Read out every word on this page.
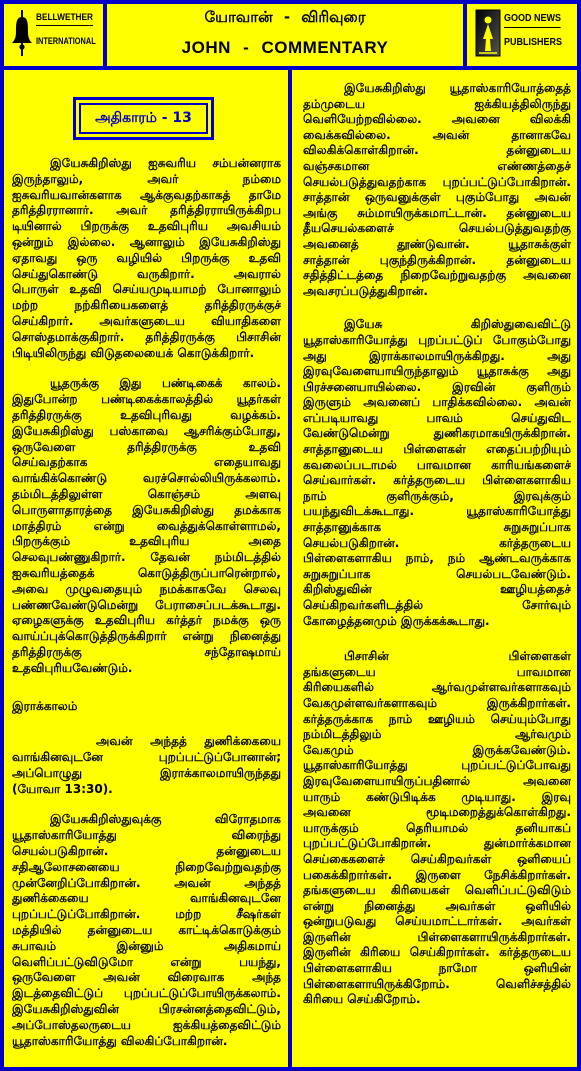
BELLWETHER
INTERNATIONAL
யோவான் - விரிவுரை
JOHN - COMMENTARY
GOOD NEWS
PUBLISHERS
அதிகாரம் - 13
இயேசுகிறிஸ்து ஐசுவரிய சம்பன்னராக
இருந்தாலும், அவர் நம்மை
ஐசுவரியவான்களாக ஆக்குவதற்காகத் தாமே
தரித்திரரானார். அவர் தரித்திரராயிருக்கிறப
டியினால் பிறருக்கு உதவிபுரிய அவசியம்
ஒன்றும் இல்லை. ஆனாலும் இயேசுகிறிஸ்து
ஏதாவது ஒரு வழியில் பிறருக்கு உதவி
செய்துகொண்டு வருகிறார். அவரால்
பொருள் உதவி செய்யமுடியாமற் போனாலும்
மற்ற நற்கிரியைகளைத் தரித்திரருக்குச்
செய்கிறார். அவர்களுடைய வியாதிகளை
சொஸ்தமாக்குகிறார். தரித்திரருக்கு பிசாசின்
பிடியிலிருந்து விடுதலையைக் கொடுக்கிறார்.
யூதருக்கு இது பண்டிகைக் காலம்.
இதுபோன்ற பண்டிகைக்காலத்தில் யூதர்கள்
தரித்திரருக்கு உதவிபுரிவது வழக்கம்.
இயேசுகிறிஸ்து பஸ்காவை ஆசரிக்கும்போது,
ஒருவேளை தரித்திரருக்கு உதவி
செய்வதற்காக எதையாவது
வாங்கிக்கொண்டு வரச்சொல்லியிருக்கலாம்.
தம்மிடத்திலுள்ள கொஞ்சம் அளவு
பொருளாதாரத்தை இயேசுகிறிஸ்து தமக்காக
மாத்திரம் என்று வைத்துக்கொள்ளாமல்,
பிறருக்கும் உதவிபுரிய அதை
செலவுபண்ணுகிறார். தேவன் நம்மிடத்தில்
ஐசுவரியத்தைக் கொடுத்திருப்பாரென்றால்,
அவை முழுவதையும் நமக்காகவே செலவு
பண்ணவேண்டுமென்று பேராசைப்படக்கூடாது.
ஏழைகளுக்கு உதவிபுரிய கர்த்தர் நமக்கு ஒரு
வாய்ப்புக்கொடுத்திருக்கிறார் என்று நினைத்து
தரித்திரருக்கு சந்தோஷமாய்
உதவிபுரியவேண்டும்.
இராக்காலம்
அவன் அந்தத் துணிக்கையை
வாங்கினவுடனே புறப்பட்டுப்போனான்;
அப்பொழுது இராக்காலமாயிருந்தது
(யோவா 13:30).
இயேசுகிறிஸ்துவுக்கு விரோதமாக
யூதாஸ்காரியோத்து விரைந்து
செயல்படுகிறான். தன்னுடைய
சதிஆலோசனையை நிறைவேற்றுவதற்கு
முன்னேறிப்போகிறான். அவன் அந்தத்
துணிக்கையை வாங்கினவுடனே
புறப்பட்டுப்போகிறான். மற்ற சீஷர்கள்
மத்தியில் தன்னுடைய காட்டிக்கொடுக்கும்
சுபாவம் இன்னும் அதிகமாய்
வெளிப்பட்டுவிடுமோ என்று பயந்து,
ஒருவேளை அவன் விரைவாக அந்த
இடத்தைவிட்டுப் புறப்பட்டுப்போயிருக்கலாம்.
இயேசுகிறிஸ்துவின் பிரசன்னத்தைவிட்டும்,
அப்போஸ்தலருடைய ஐக்கியத்தைவிட்டும்
யூதாஸ்காரியோத்து விலகிப்போகிறான்.
இயேசுகிறிஸ்து யூதாஸ்காரியோத்தைத்
தம்முடைய ஐக்கியத்திலிருந்து
வெளியேற்றவில்லை. அவனை விலக்கி
வைக்கவில்லை. அவன் தானாகவே
விலகிக்கொள்கிறான். தன்னுடைய
வஞ்சகமான எண்ணத்தைச்
செயல்படுத்துவதற்காக புறப்பட்டுப்போகிறான்.
சாத்தான் ஒருவனுக்குள் புகும்போது அவன்
அங்கு சும்மாயிருக்கமாட்டான். தன்னுடைய
தீயசெயல்களைச் செயல்படுத்துவதற்கு
அவனைத் தூண்டுவான். யூதாசுக்குள்
சாத்தான் புகுந்திருக்கிறான். தன்னுடைய
சதித்திட்டத்தை நிறைவேற்றுவதற்கு அவனை
அவசரப்படுத்துகிறான்.
இயேசு கிறிஸ்துவைவிட்டு
யூதாஸ்காரியோத்து புறப்பட்டுப் போகும்போது
அது இராக்காலமாயிருக்கிறது. அது
இரவுவேளையாயிருந்தாலும் யூதாசுக்கு அது
பிரச்சனையாயில்லை. இரவின் குளிரும்
இருளும் அவனைப் பாதிக்கவில்லை. அவன்
எப்படியாவது பாவம் செய்துவிட
வேண்டுமென்று துணிகரமாகயிருக்கிறான்.
சாத்தானுடைய பிள்ளைகள் எதைப்பற்றியும்
கவலைப்படாமல் பாவமான காரியங்களைச்
செய்வார்கள். கர்த்தருடைய பிள்ளைகளாகிய
நாம் குளிருக்கும், இரவுக்கும்
பயந்துவிடக்கூடாது. யூதாஸ்காரியோத்து
சாத்தானுக்காக சுறுசுறுப்பாக
செயல்படுகிறான். கர்த்தருடைய
பிள்ளைகளாகிய நாம், நம் ஆண்டவருக்காக
சுறுசுறுப்பாக செயல்படவேண்டும்.
கிறிஸ்துவின் ஊழியத்தைச்
செய்கிறவர்களிடத்தில் சோர்வும்
கோழைத்தனமும் இருக்கக்கூடாது.
பிசாசின் பிள்ளைகள்
தங்களுடைய பாவமான
கிரியைகளில் ஆர்வமுள்ளவர்களாகவும்
வேகமுள்ளவர்களாகவும் இருக்கிறார்கள்.
கர்த்தருக்காக நாம் ஊழியம் செய்யும்போது
நம்மிடத்திலும் ஆர்வமும்
வேகமும் இருக்கவேண்டும்.
யூதாஸ்காரியோத்து புறப்பட்டுப்போவது
இரவுவேளையாயிருப்பதினால் அவனை
யாரும் கண்டுபிடிக்க முடியாது. இரவு
அவனை மூடிமறைத்துக்கொள்கிறது.
யாருக்கும் தெரியாமல் தனியாகப்
புறப்பட்டுப்போகிறான். துன்மார்க்கமான
செய்கைகளைச் செய்கிறவர்கள் ஒளியைப்
பகைக்கிறார்கள். இருளை நேசிக்கிறார்கள்.
தங்களுடைய கிரியைகள் வெளிப்பட்டுவிடும்
என்று நினைத்து அவர்கள் ஒளியில்
ஒன்றுபடுவது செய்யமாட்டார்கள். அவர்கள்
இருளின் பிள்ளைகளாயிருக்கிறார்கள்.
இருளின் கிரியை செய்கிறார்கள். கர்த்தருடைய
பிள்ளைகளாகிய நாமோ ஒளியின்
பிள்ளைகளாயிருக்கிறோம். வெளிச்சத்தில்
கிரியை செய்கிறோம்.
